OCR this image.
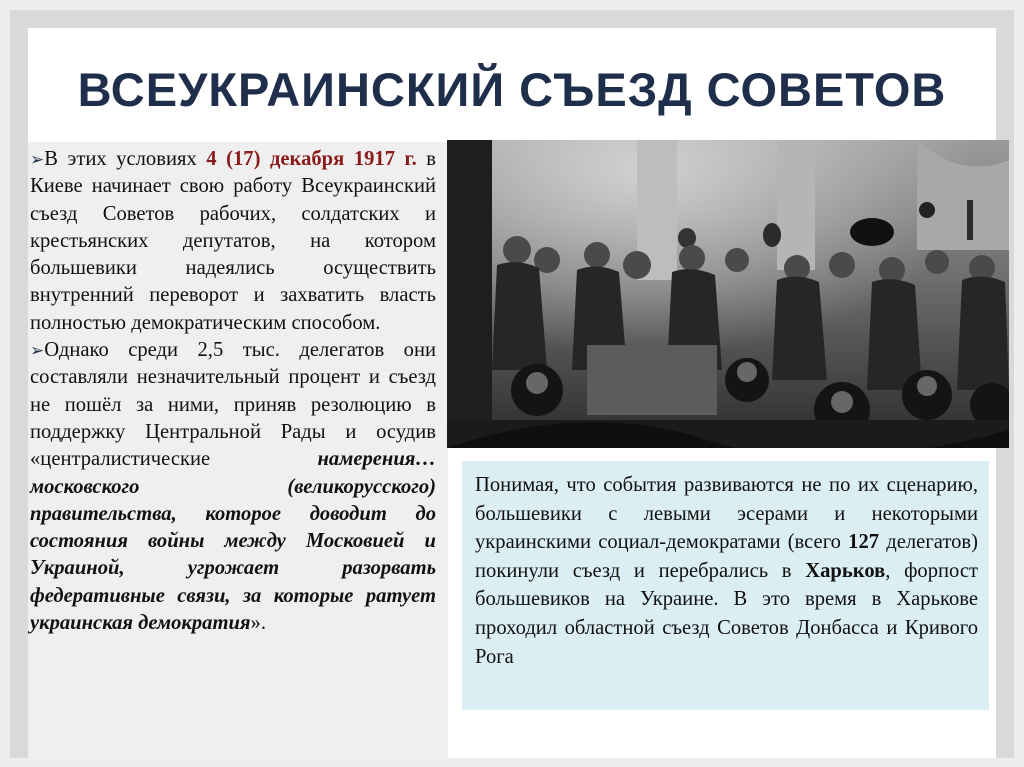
ВСЕУКРАИНСКИЙ СЪЕЗД СОВЕТОВ

➢В этих условиях 4 (17) декабря 1917 г. в Киеве начинает свою работу Всеукраинский съезд Советов рабочих, солдатских и крестьянских депутатов, на котором большевики надеялись осуществить внутренний переворот и захватить власть полностью демократическим способом.

➢Однако среди 2,5 тыс. делегатов они составляли незначительный процент и съезд не пошёл за ними, приняв резолюцию в поддержку Центральной Рады и осудив «централистические намерения… московского (великорусского) правительства, которое доводит до состояния войны между Московией и Украиной, угрожает разорвать федеративные связи, за которые ратует украинская демократия».

Понимая, что события развиваются не по их сценарию, большевики с левыми эсерами и некоторыми украинскими социал-демократами (всего 127 делегатов) покинули съезд и перебрались в Харьков, форпост большевиков на Украине. В это время в Харькове проходил областной съезд Советов Донбасса и Кривого Рога
